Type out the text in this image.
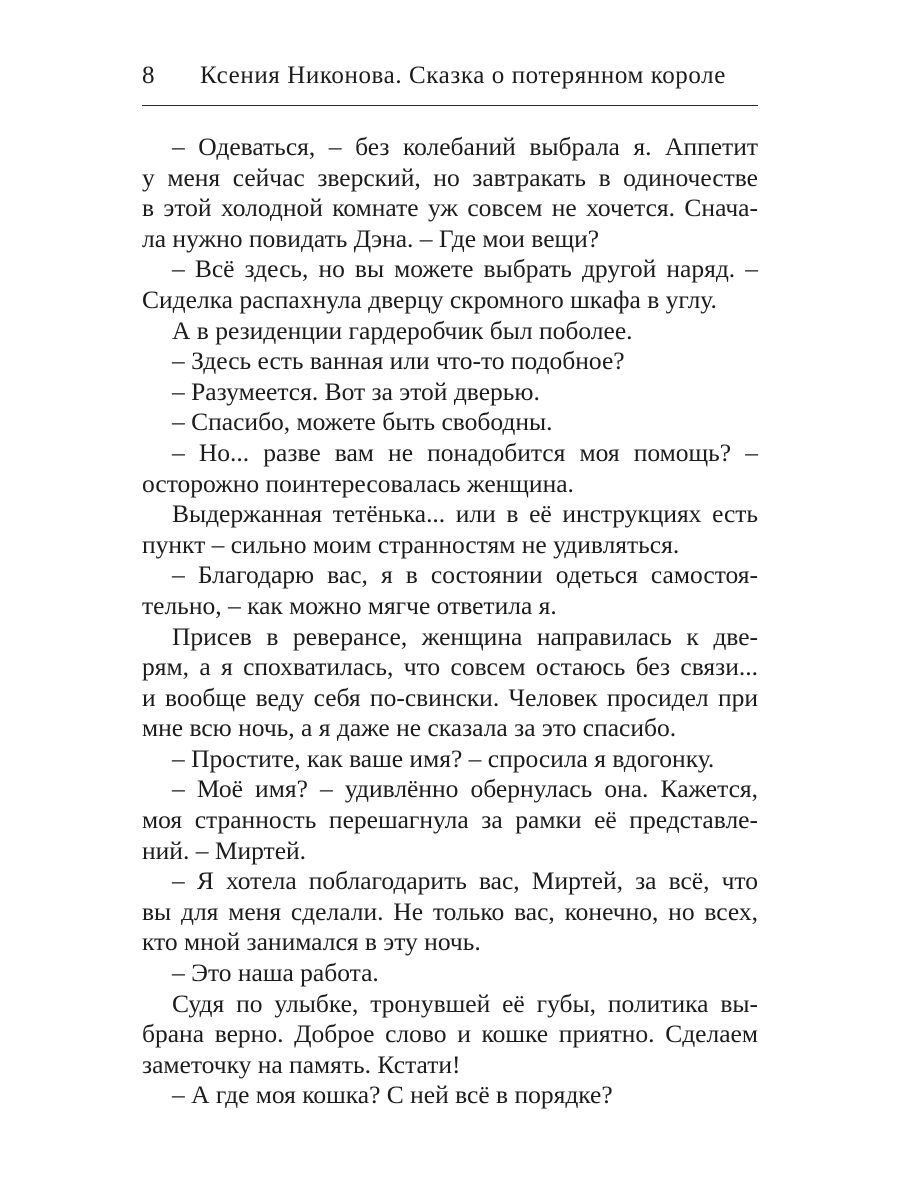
8	Ксения Никонова. Сказка о потерянном короле

– Одеваться, – без колебаний выбрала я. Аппетит
у меня сейчас зверский, но завтракать в одиночестве
в этой холодной комнате уж совсем не хочется. Снача-
ла нужно повидать Дэна. – Где мои вещи?

– Всё здесь, но вы можете выбрать другой наряд. –
Сиделка распахнула дверцу скромного шкафа в углу.

А в резиденции гардеробчик был поболее.

– Здесь есть ванная или что-то подобное?

– Разумеется. Вот за этой дверью.

– Спасибо, можете быть свободны.

– Но... разве вам не понадобится моя помощь? –
осторожно поинтересовалась женщина.

Выдержанная тетёнька... или в её инструкциях есть
пункт – сильно моим странностям не удивляться.

– Благодарю вас, я в состоянии одеться самостоя-
тельно, – как можно мягче ответила я.

Присев в реверансе, женщина направилась к две-
рям, а я спохватилась, что совсем остаюсь без связи...
и вообще веду себя по-свински. Человек просидел при
мне всю ночь, а я даже не сказала за это спасибо.

– Простите, как ваше имя? – спросила я вдогонку.

– Моё имя? – удивлённо обернулась она. Кажется,
моя странность перешагнула за рамки её представле-
ний. – Миртей.

– Я хотела поблагодарить вас, Миртей, за всё, что
вы для меня сделали. Не только вас, конечно, но всех,
кто мной занимался в эту ночь.

– Это наша работа.

Судя по улыбке, тронувшей её губы, политика вы-
брана верно. Доброе слово и кошке приятно. Сделаем
заметочку на память. Кстати!

– А где моя кошка? С ней всё в порядке?
